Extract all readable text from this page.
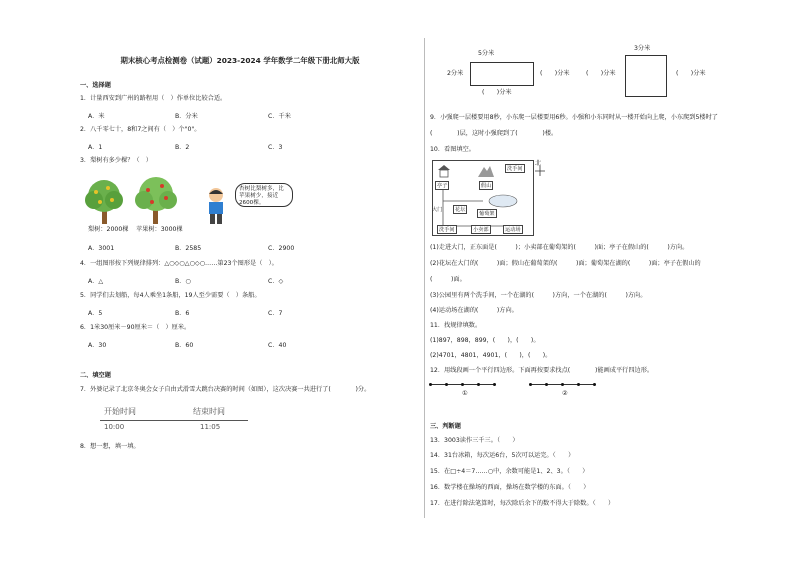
期末核心考点检测卷（试题）2023-2024 学年数学二年级下册北师大版
一、选择题
1．计量西安到广州的路程用（　）作单位比较合适。
A．米	B．分米	C．千米
2．八千零七十，8和7之间有（　）个"0"。
A．1	B．2	C．3
3．梨树有多少棵？（　）
梨树：2000棵 苹果树：3000棵
杏树比梨树多，比苹果树少，接近2600棵。
A．3001	B．2585	C．2900
4．一组图形按下列规律排列：△○◇○△○◇○……第23个图形是（　）。
A．△	B．○	C．◇
5．同学们去划船，每4人乘坐1条船，19人至少需要（　）条船。
A．5	B．6	C．7
6．1米30厘米－90厘米＝（　）厘米。
A．30	B．60	C．40
二、填空题
7．外婆记录了北京冬奥会女子自由式滑雪大跳台决赛的时间（如图），这次决赛一共进行了(　　　　)分。
开始时间	结束时间
10:00	11:05
8．想一想，填一填。
5分米
2分米	(　　)分米
(　　)分米
3分米
(　　)分米	(　　)分米
9．小强爬一层楼要用8秒，小东爬一层楼要用6秒。小强和小东同时从一楼开始向上爬，小东爬到5楼时了
(　　　　)层，这时小强爬到了(　　　　)楼。
10．看图填空。
亭子	假山
洗手间
大门	花坛
葡萄架
洗手间	小卖部	运动场
北
(1)走进大门，正东面是(　　　)；小卖部在葡萄架的(　　　)面；亭子在假山的(　　　)方向。
(2)花坛在大门的(　　　)面；假山在葡萄架的(　　　)面；葡萄架在湖的(　　　)面；亭子在假山的
(　　　)面。
(3)公园里有两个洗手间，一个在湖的(　　　)方向，一个在湖的(　　　)方向。
(4)运动场在湖的(　　　)方向。
11．找规律填数。
(1)897，898，899，(　　)，(　　)。
(2)4701，4801，4901，(　　)，(　　)。
12．用线段画一个平行四边形。下面再按要求找点(　　　　)能画成平行四边形。
①	②
三、判断题
13．3003读作三千三。（　　）
14．31台冰箱，每次运6台，5次可以运完。（　　）
15．在□÷4＝7……○中，余数可能是1、2、3。（　　）
16．数学楼在操场的西面，操场在数学楼的东面。（　　）
17．在进行除法笔算时，每次除后余下的数不得大于除数。（　　）
